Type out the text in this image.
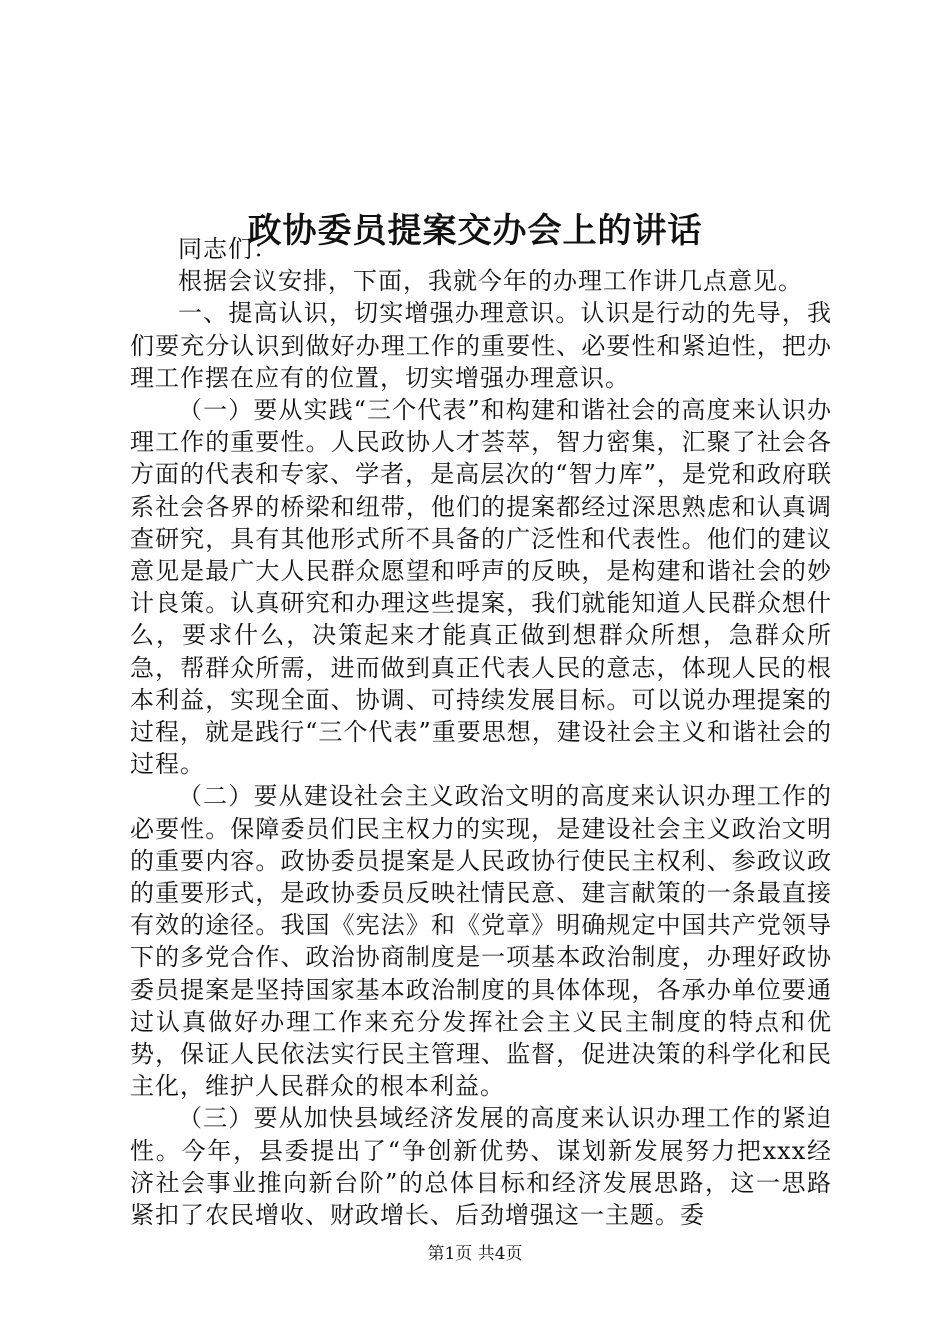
政协委员提案交办会上的讲话

同志们：

根据会议安排，下面，我就今年的办理工作讲几点意见。

一、提高认识，切实增强办理意识。认识是行动的先导，我们要充分认识到做好办理工作的重要性、必要性和紧迫性，把办理工作摆在应有的位置，切实增强办理意识。

（一）要从实践“三个代表”和构建和谐社会的高度来认识办理工作的重要性。人民政协人才荟萃，智力密集，汇聚了社会各方面的代表和专家、学者，是高层次的“智力库”，是党和政府联系社会各界的桥梁和纽带，他们的提案都经过深思熟虑和认真调查研究，具有其他形式所不具备的广泛性和代表性。他们的建议意见是最广大人民群众愿望和呼声的反映，是构建和谐社会的妙计良策。认真研究和办理这些提案，我们就能知道人民群众想什么，要求什么，决策起来才能真正做到想群众所想，急群众所急，帮群众所需，进而做到真正代表人民的意志，体现人民的根本利益，实现全面、协调、可持续发展目标。可以说办理提案的过程，就是践行“三个代表”重要思想，建设社会主义和谐社会的过程。

（二）要从建设社会主义政治文明的高度来认识办理工作的必要性。保障委员们民主权力的实现，是建设社会主义政治文明的重要内容。政协委员提案是人民政协行使民主权利、参政议政的重要形式，是政协委员反映社情民意、建言献策的一条最直接有效的途径。我国《宪法》和《党章》明确规定中国共产党领导下的多党合作、政治协商制度是一项基本政治制度，办理好政协委员提案是坚持国家基本政治制度的具体体现，各承办单位要通过认真做好办理工作来充分发挥社会主义民主制度的特点和优势，保证人民依法实行民主管理、监督，促进决策的科学化和民主化，维护人民群众的根本利益。

（三）要从加快县域经济发展的高度来认识办理工作的紧迫性。今年，县委提出了“争创新优势、谋划新发展努力把xxx经济社会事业推向新台阶”的总体目标和经济发展思路，这一思路紧扣了农民增收、财政增长、后劲增强这一主题。委

第1页 共4页
